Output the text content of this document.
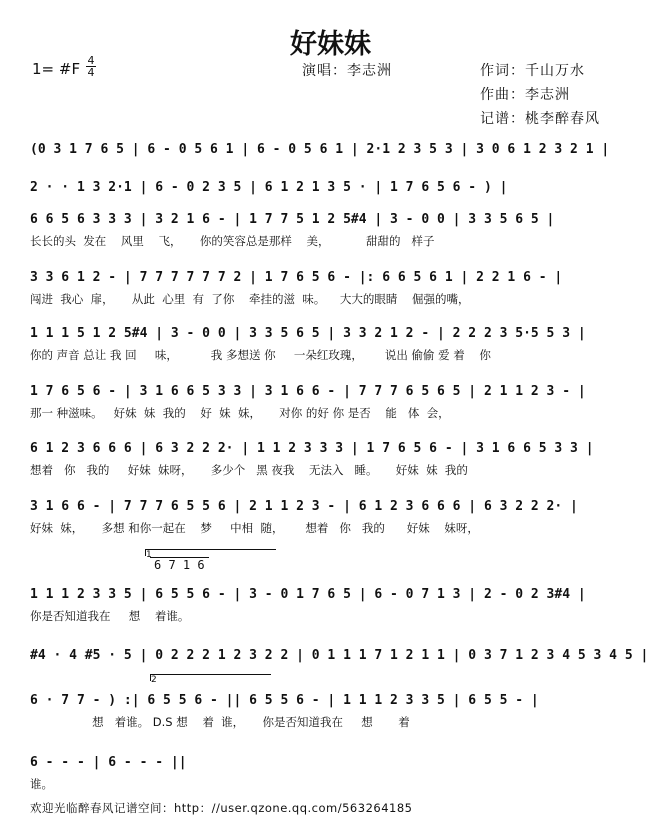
好妹妹
1= #F 4
4	演唱：李志洲	作词：千山万水
作曲：李志洲
记谱：桃李醉春风
(0 3 1 7 6 5 | 6 - 0 5 6 1 | 6 - 0 5 6 1 | 2·1 2 3 5 3 | 3 0 6 1 2 3 2 1 |
2 · · 1 3 2·1 | 6 - 0 2 3 5 | 6 1 2 1 3 5 · | 1 7 6 5 6 - ) |
6 6 5 6 3 3 3 | 3 2 1 6 - | 1 7 7 5 1 2 5#4 | 3 - 0 0 | 3 3 5 6 5 |
长长的头  发在    风里    飞，     你的笑容总是那样    美，          甜甜的   样子
3 3 6 1 2 - | 7 7 7 7 7 7 2 | 1 7 6 5 6 - |: 6 6 5 6 1 | 2 2 1 6 - |
闯进  我心  扉，     从此  心里  有  了你    牵挂的滋  味。    大大的眼睛    倔强的嘴，
1 1 1 5 1 2 5#4 | 3 - 0 0 | 3 3 5 6 5 | 3 3 2 1 2 - | 2 2 2 3 5·5 5 3 |
你的 声音 总让 我 回     味，         我 多想送 你     一朵红玫瑰，      说出 偷偷 爱 着    你
1 7 6 5 6 - | 3 1 6 6 5 3 3 | 3 1 6 6 - | 7 7 7 6 5 6 5 | 2 1 1 2 3 - |
那一 种滋味。   好妹  妹  我的    好  妹  妹，     对你 的好 你 是否    能   体  会，
6 1 2 3 6 6 6 | 6 3 2 2 2· | 1 1 2 3 3 3 | 1 7 6 5 6 - | 3 1 6 6 5 3 3 |
想着   你   我的     好妹  妹呀，     多少个   黑 夜我    无法入   睡。     好妹  妹  我的
3 1 6 6 - | 7 7 7 6 5 5 6 | 2 1 1 2 3 - | 6 1 2 3 6 6 6 | 6 3 2 2 2· |
好妹  妹，     多想 和你一起在    梦     中相  随，      想着   你   我的      好妹    妹呀，
1 1 1 2 3 3 5 | 6 5 5 6 - | 3 - 0 1 7 6 5 | 6 - 0 7 1 3 | 2 - 0 2 3#4 |
你是否知道我在     想    着谁。
#4 · 4 #5 · 5 | 0 2 2 2 1 2 3 2 2 | 0 1 1 1 7 1 2 1 1 | 0 3 7 1 2 3 4 5 3 4 5 |
6 · 7 7 - ) :| 6 5 5 6 - || 6 5 5 6 - | 1 1 1 2 3 3 5 | 6 5 5 - |
想   着谁。 D.S 想    着  谁，     你是否知道我在     想       着
6 - - - | 6 - - - ||
谁。
1
6 7 1 6
2
欢迎光临醉春风记谱空间：http：//user.qzone.qq.com/563264185
